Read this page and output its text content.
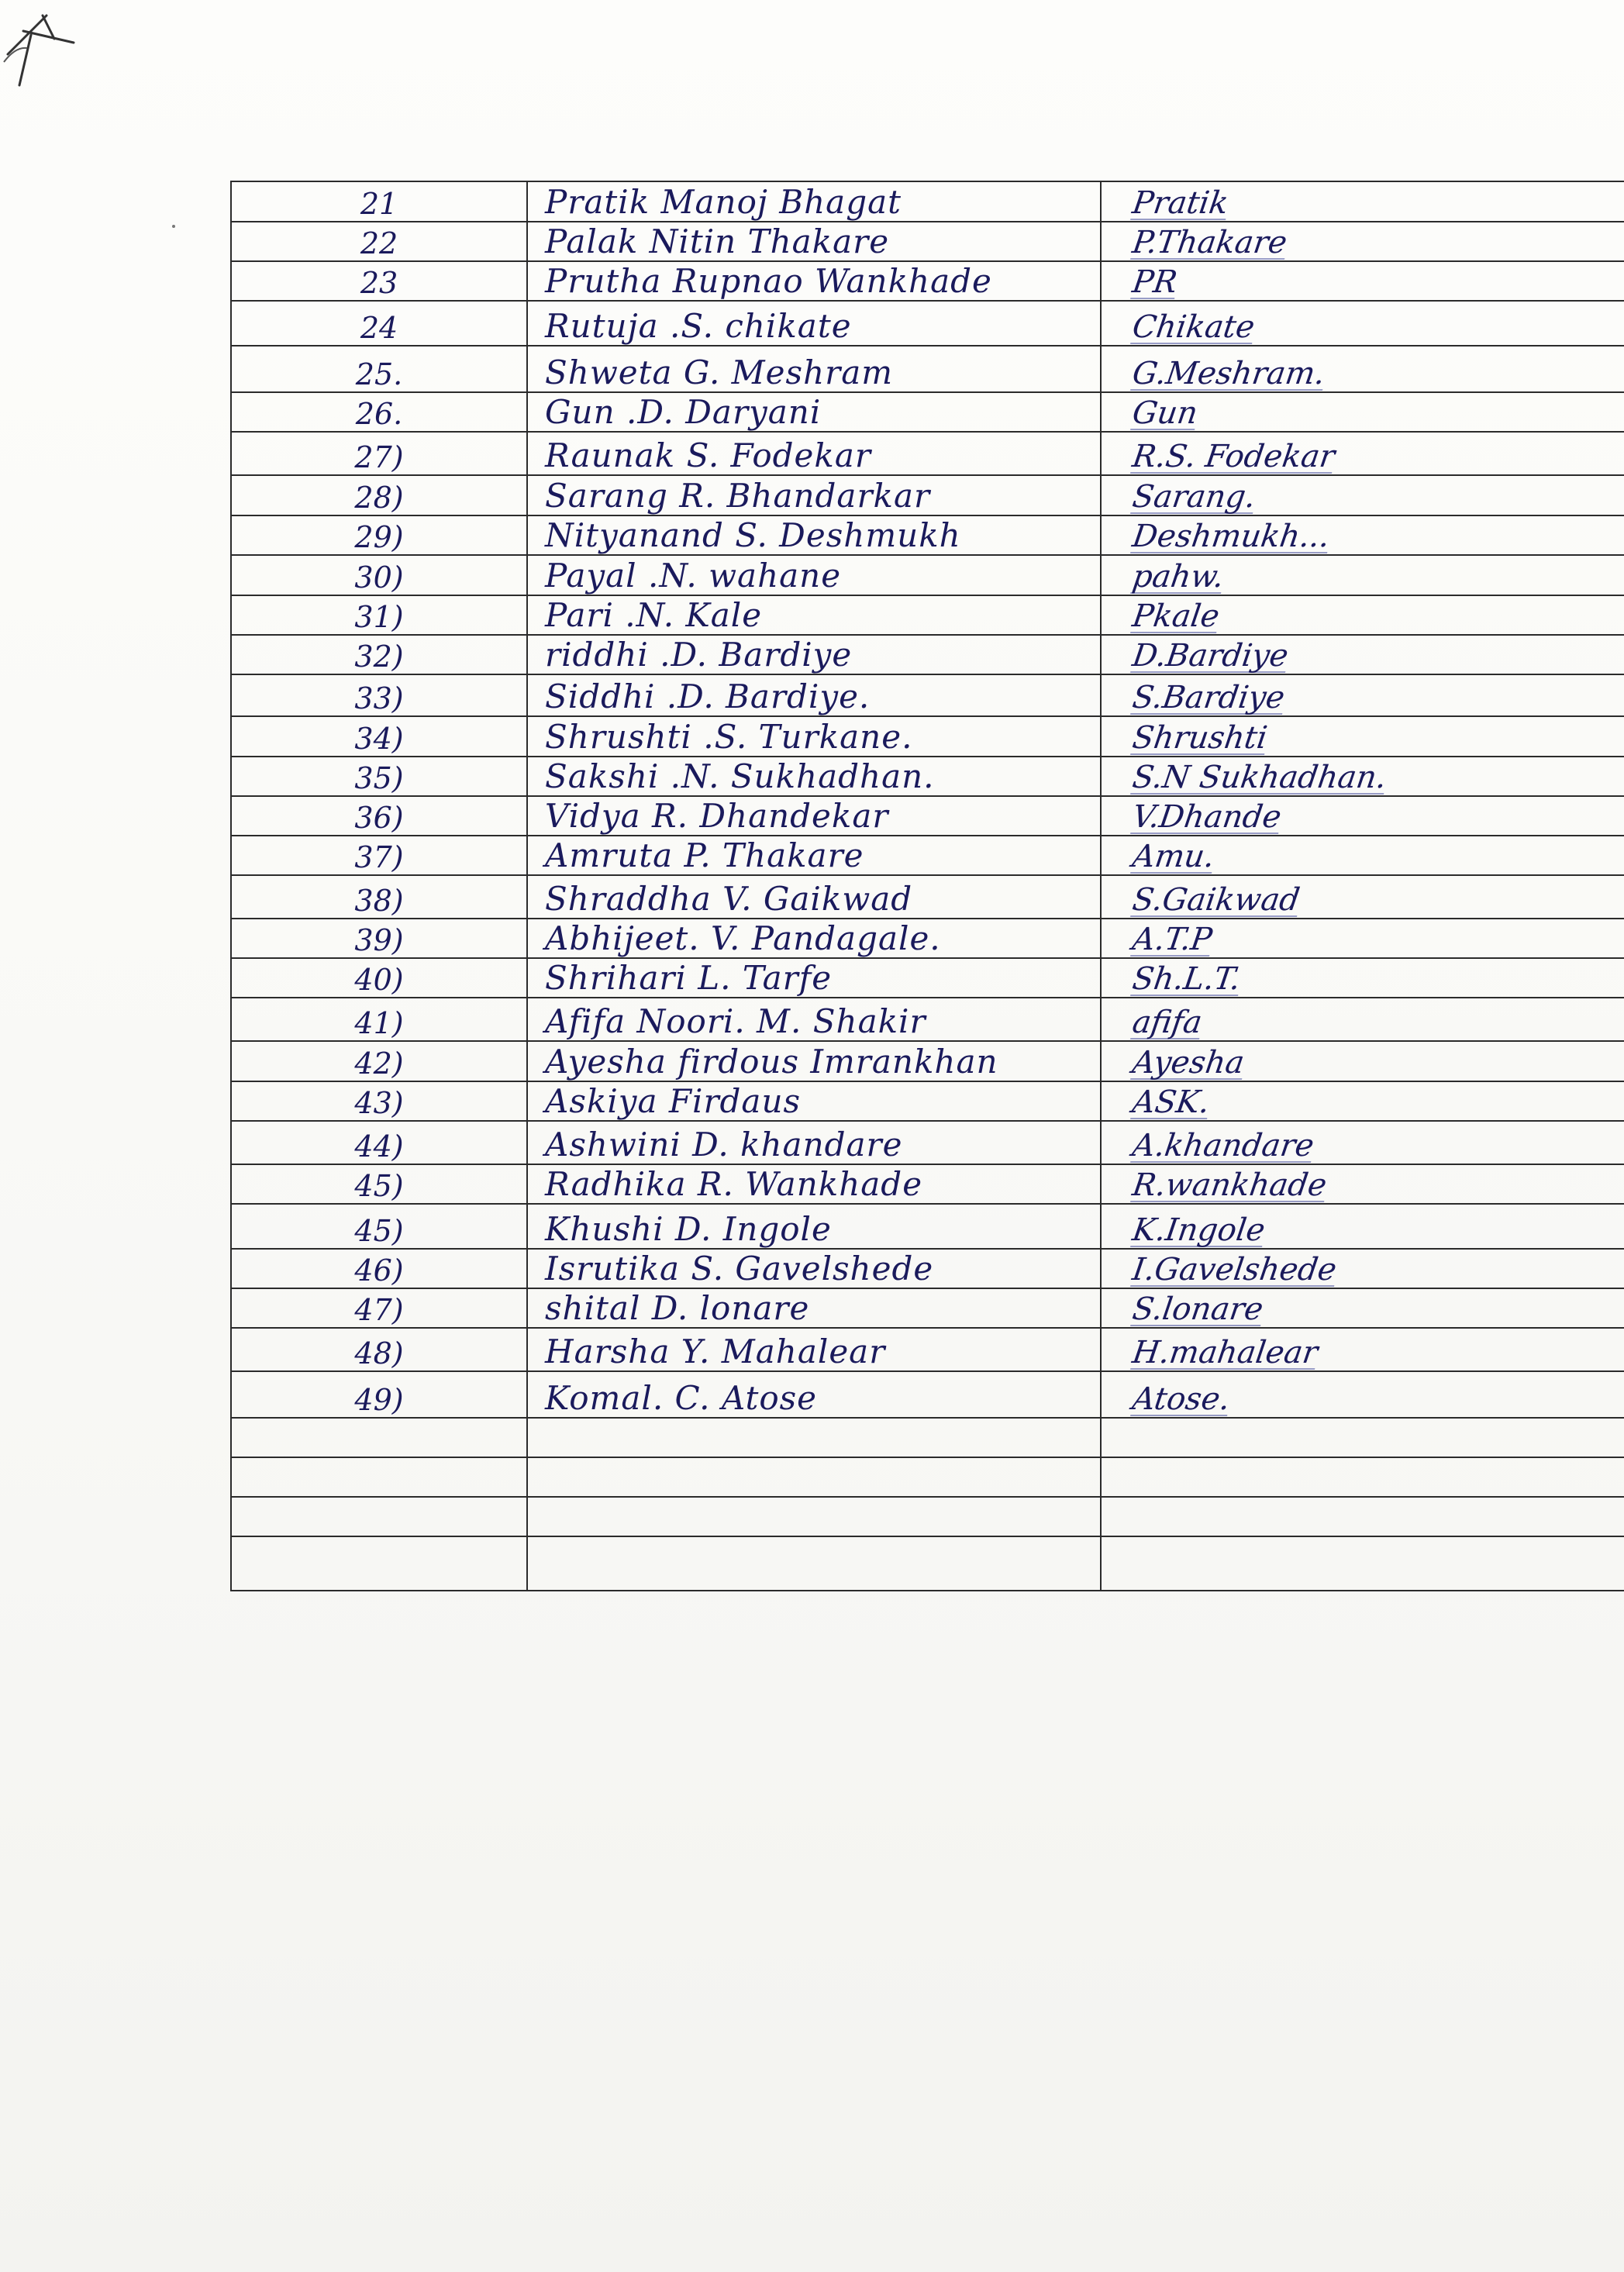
21	Pratik Manoj Bhagat	Pratik
22	Palak Nitin Thakare	P.Thakare
23	Prutha Rupnao Wankhade	PR
24	Rutuja .S. chikate	Chikate
25.	Shweta G. Meshram	G.Meshram.
26.	Gun .D. Daryani	Gun
27)	Raunak S. Fodekar	R.S. Fodekar
28)	Sarang R. Bhandarkar	Sarang.
29)	Nityanand S. Deshmukh	Deshmukh...
30)	Payal .N. wahane	pahw.
31)	Pari .N. Kale	Pkale
32)	riddhi .D. Bardiye	D.Bardiye
33)	Siddhi .D. Bardiye.	S.Bardiye
34)	Shrushti .S. Turkane.	Shrushti
35)	Sakshi .N. Sukhadhan.	S.N Sukhadhan.
36)	Vidya R. Dhandekar	V.Dhande
37)	Amruta P. Thakare	Amu.
38)	Shraddha V. Gaikwad	S.Gaikwad
39)	Abhijeet. V. Pandagale.	A.T.P
40)	Shrihari L. Tarfe	Sh.L.T.
41)	Afifa Noori. M. Shakir	afifa
42)	Ayesha firdous Imrankhan	Ayesha
43)	Askiya Firdaus	ASK.
44)	Ashwini D. khandare	A.khandare
45)	Radhika R. Wankhade	R.wankhade
45)	Khushi D. Ingole	K.Ingole
46)	Isrutika S. Gavelshede	I.Gavelshede
47)	shital D. lonare	S.lonare
48)	Harsha Y. Mahalear	H.mahalear
49)	Komal. C. Atose	Atose.
